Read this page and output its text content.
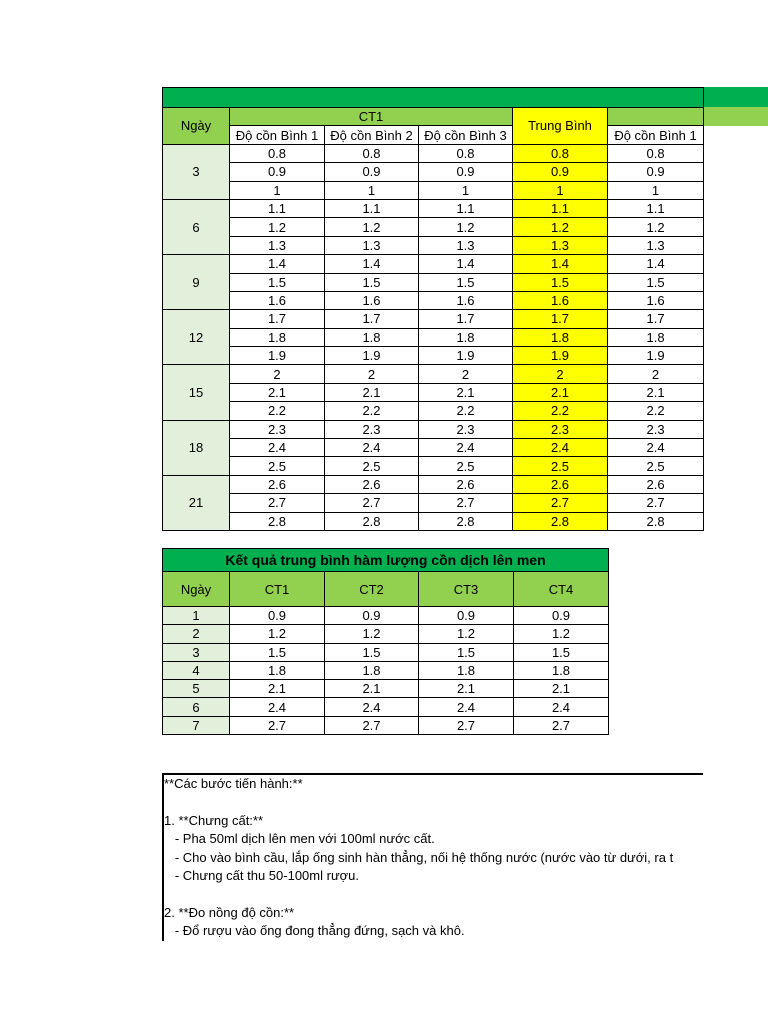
Ngày	CT1			Trung Bình	
	Độ cồn Bình 1	Độ cồn Bình 2	Độ cồn Bình 3		Độ cồn Bình 1
3	0.8	0.8	0.8	0.8	0.8
	0.9	0.9	0.9	0.9	0.9
	1	1	1	1	1
6	1.1	1.1	1.1	1.1	1.1
	1.2	1.2	1.2	1.2	1.2
	1.3	1.3	1.3	1.3	1.3
9	1.4	1.4	1.4	1.4	1.4
	1.5	1.5	1.5	1.5	1.5
	1.6	1.6	1.6	1.6	1.6
12	1.7	1.7	1.7	1.7	1.7
	1.8	1.8	1.8	1.8	1.8
	1.9	1.9	1.9	1.9	1.9
15	2	2	2	2	2
	2.1	2.1	2.1	2.1	2.1
	2.2	2.2	2.2	2.2	2.2
18	2.3	2.3	2.3	2.3	2.3
	2.4	2.4	2.4	2.4	2.4
	2.5	2.5	2.5	2.5	2.5
21	2.6	2.6	2.6	2.6	2.6
	2.7	2.7	2.7	2.7	2.7
	2.8	2.8	2.8	2.8	2.8
Kết quả trung bình hàm lượng cồn dịch lên men				
Ngày	CT1	CT2	CT3	CT4
1	0.9	0.9	0.9	0.9
2	1.2	1.2	1.2	1.2
3	1.5	1.5	1.5	1.5
4	1.8	1.8	1.8	1.8
5	2.1	2.1	2.1	2.1
6	2.4	2.4	2.4	2.4
7	2.7	2.7	2.7	2.7
**Các bước tiến hành:**
1. **Chưng cất:**
- Pha 50ml dịch lên men với 100ml nước cất.
- Cho vào bình cầu, lắp ống sinh hàn thẳng, nối hệ thống nước (nước vào từ dưới, ra t
- Chưng cất thu 50-100ml rượu.
2. **Đo nồng độ cồn:**
- Đổ rượu vào ống đong thẳng đứng, sạch và khô.
